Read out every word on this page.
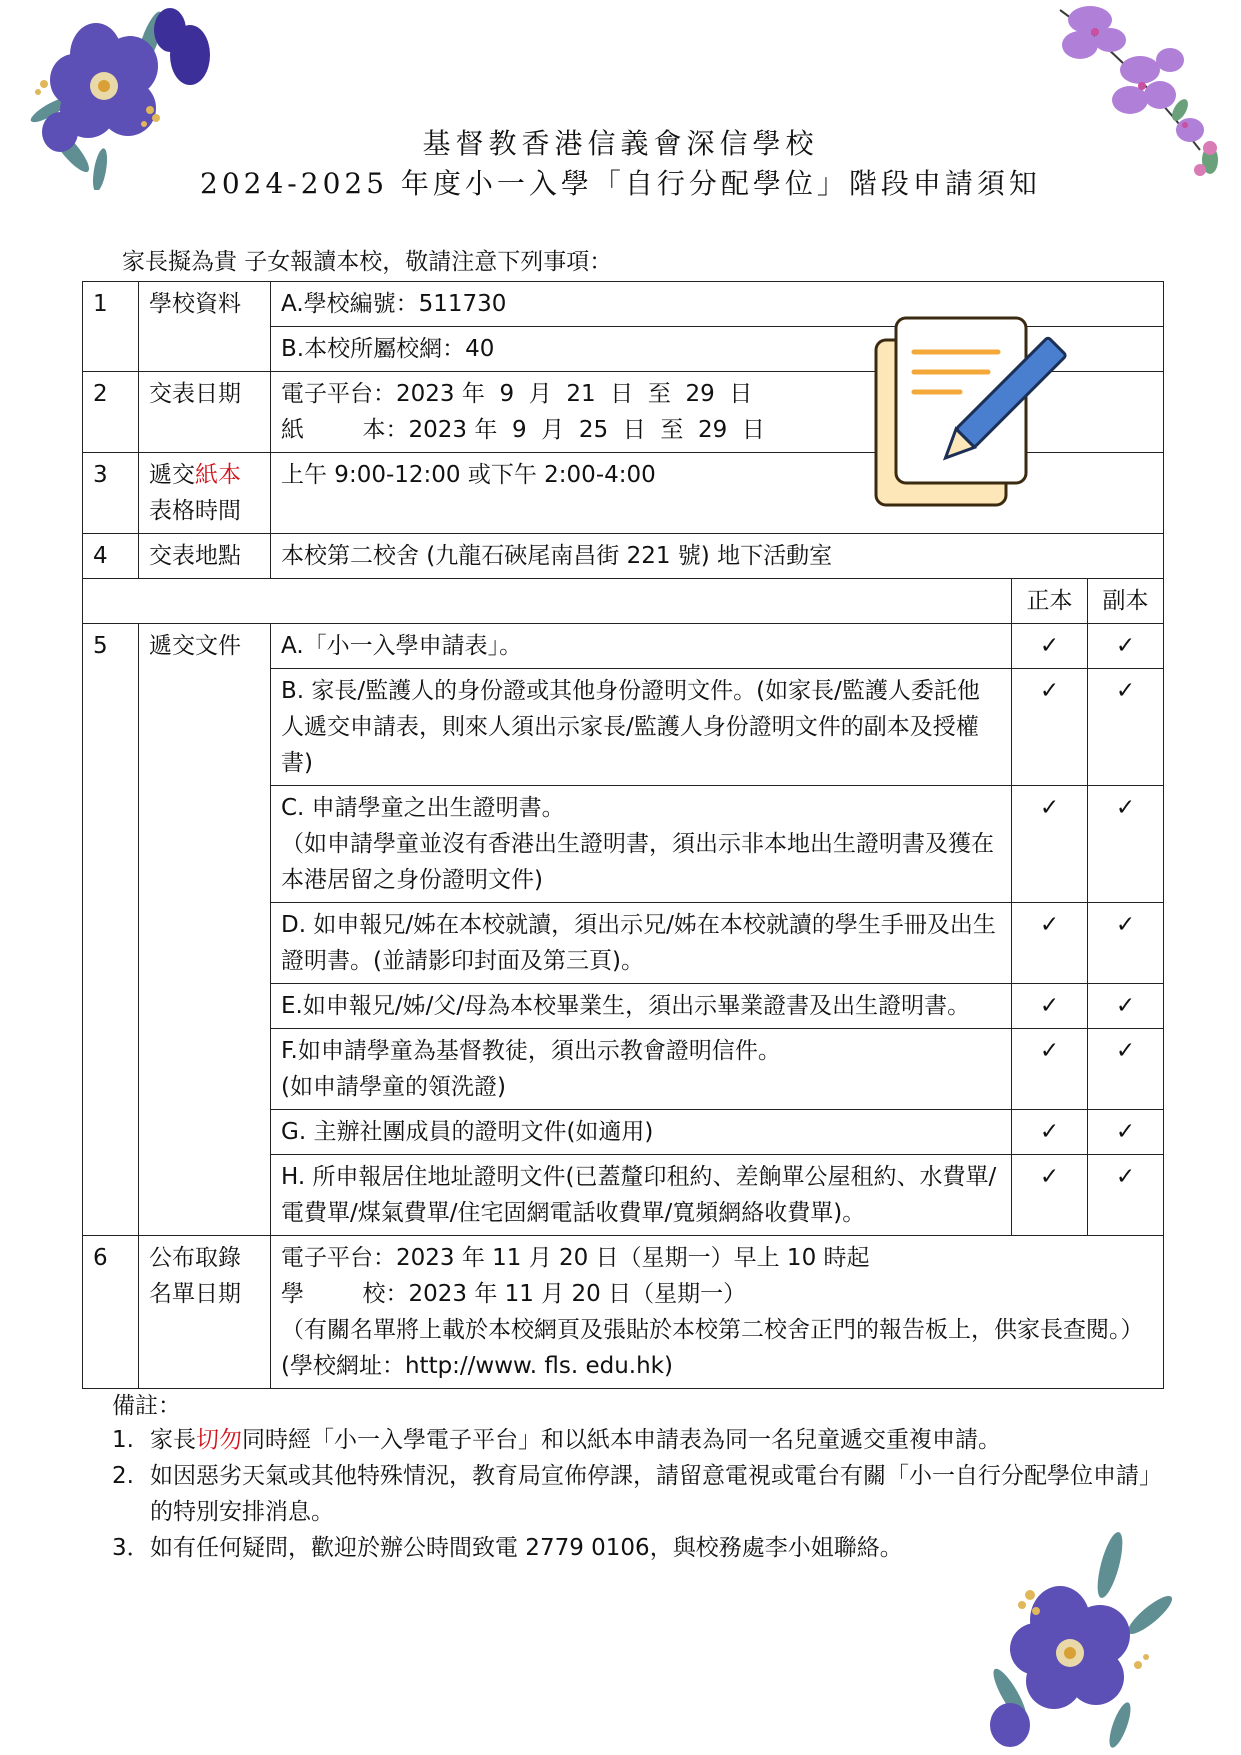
基督教香港信義會深信學校
2024-2025 年度小一入學「自行分配學位」階段申請須知
家長擬為貴 子女報讀本校，敬請注意下列事項：
1	學校資料	A.學校編號：511730		
		B.本校所屬校網：40		
2	交表日期	電子平台：2023 年  9  月  21  日  至  29  日
紙        本：2023 年  9  月  25  日  至  29  日		

3	遞交紙本
表格時間	上午 9:00-12:00 或下午 2:00-4:00		
4	交表地點	本校第二校舍 (九龍石硤尾南昌街 221 號) 地下活動室		
			正本	副本
5	遞交文件	A.「小一入學申請表」。	✓	✓
		B. 家長/監護人的身份證或其他身份證明文件。(如家長/監護人委託他人遞交申請表，則來人須出示家長/監護人身份證明文件的副本及授權書)	✓	✓

		C. 申請學童之出生證明書。
（如申請學童並沒有香港出生證明書，須出示非本地出生證明書及獲在本港居留之身份證明文件)	✓	✓
		D. 如申報兄/姊在本校就讀，須出示兄/姊在本校就讀的學生手冊及出生證明書。(並請影印封面及第三頁)。	✓	✓
		E.如申報兄/姊/父/母為本校畢業生，須出示畢業證書及出生證明書。	✓	✓

		F.如申請學童為基督教徒，須出示教會證明信件。
(如申請學童的領洗證)	✓	✓
		G. 主辦社團成員的證明文件(如適用)	✓	✓
		H. 所申報居住地址證明文件(已蓋釐印租約、差餉單公屋租約、水費單/電費單/煤氣費單/住宅固網電話收費單/寬頻網絡收費單)。	✓	✓
6	公布取錄名單日期	電子平台：2023 年 11 月 20 日（星期一）早上 10 時起
學        校：2023 年 11 月 20 日（星期一）
（有關名單將上載於本校網頁及張貼於本校第二校舍正門的報告板上，供家長查閱。）(學校網址：http://www. fls. edu.hk)		
備註：
1. 家長切勿同時經「小一入學電子平台」和以紙本申請表為同一名兒童遞交重複申請。
2. 如因惡劣天氣或其他特殊情況，教育局宣佈停課，請留意電視或電台有關「小一自行分配學位申請」的特別安排消息。
3． 如有任何疑問，歡迎於辦公時間致電 2779 0106，與校務處李小姐聯絡。
